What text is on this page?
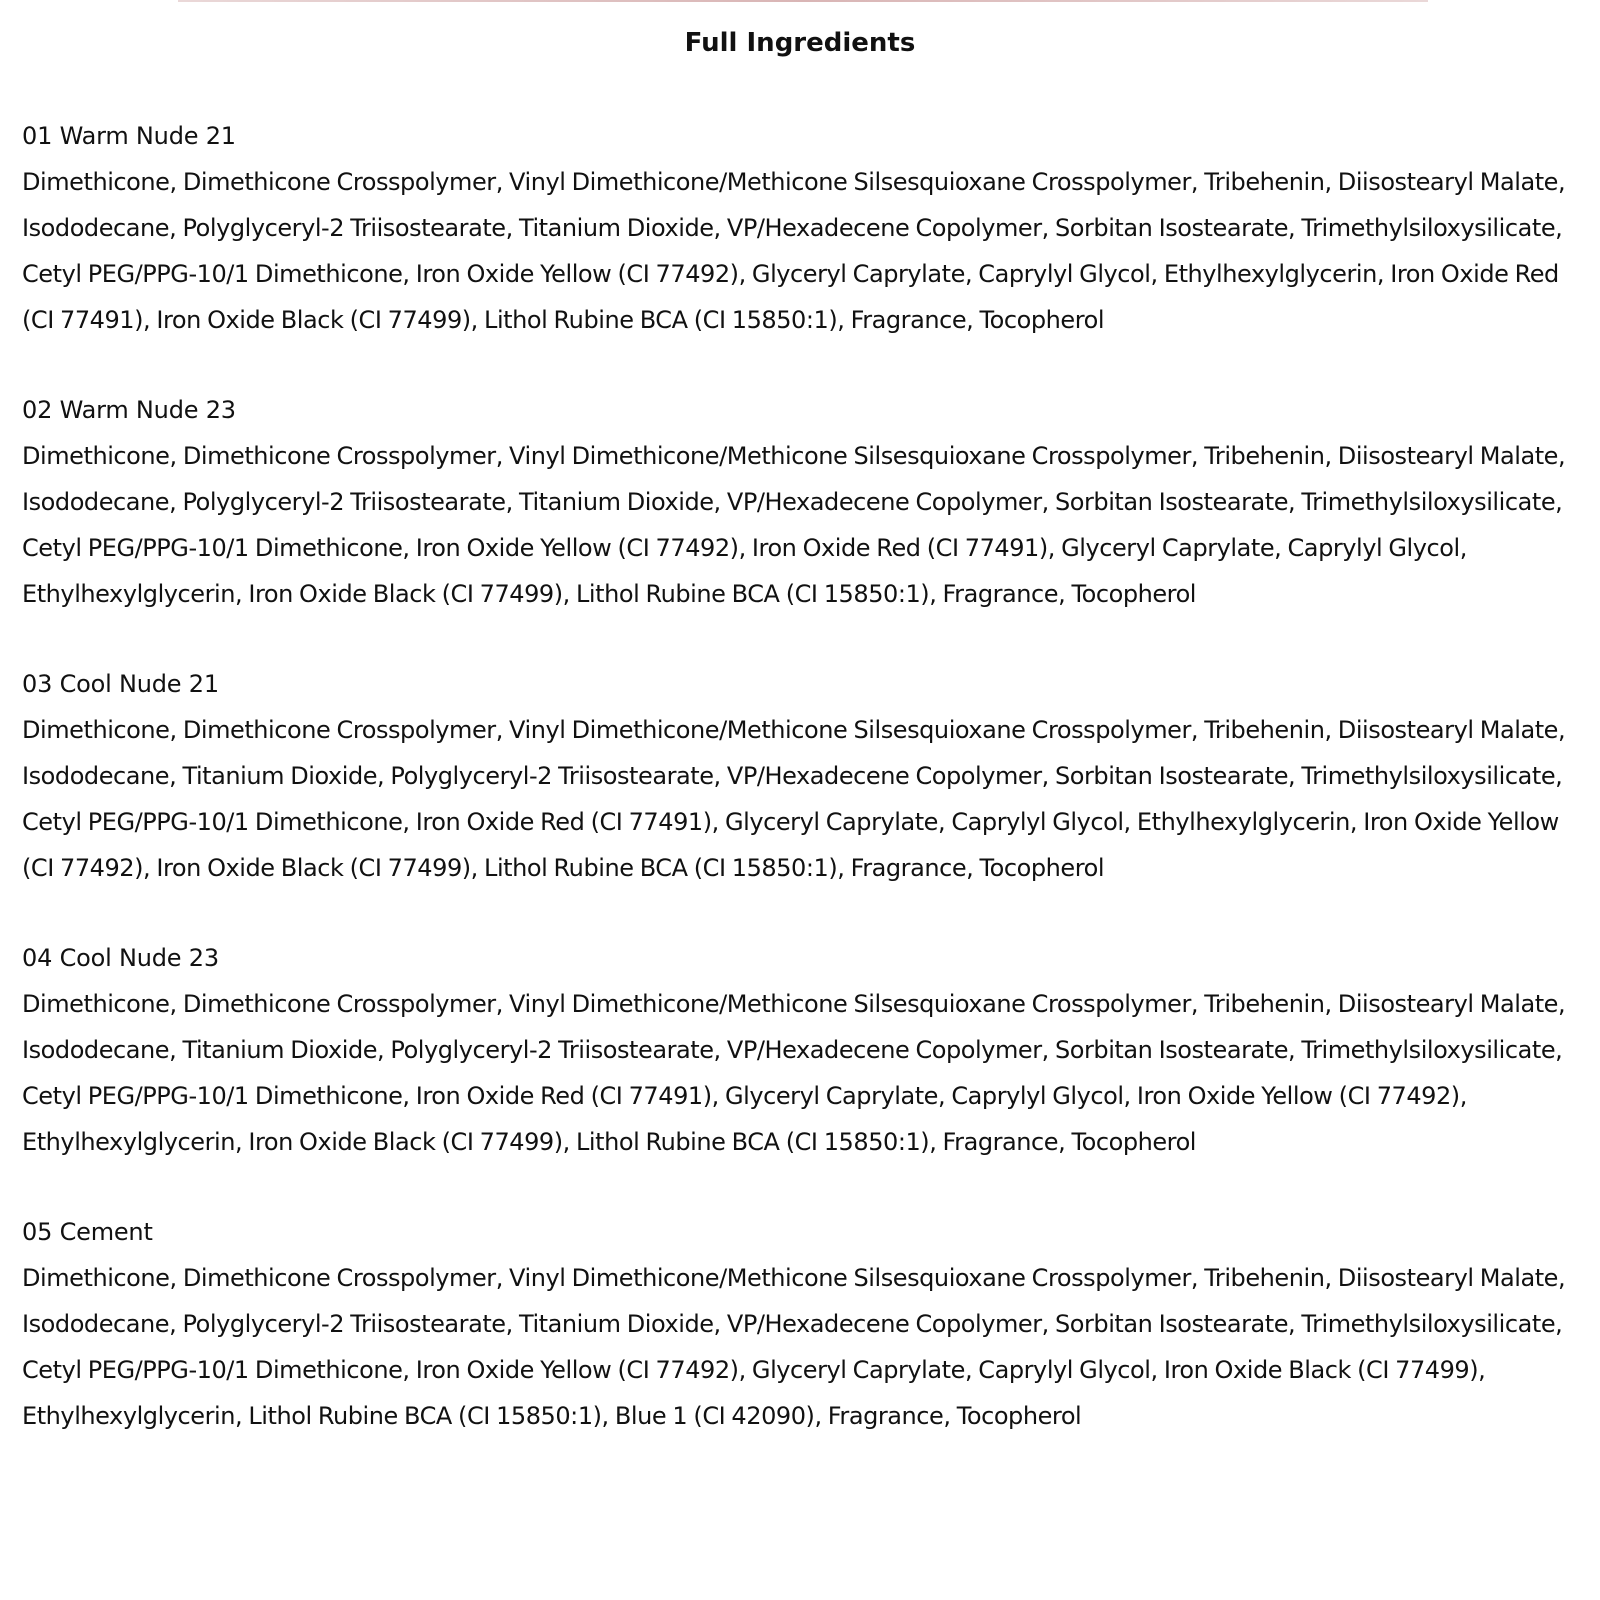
Full Ingredients

01 Warm Nude 21

Dimethicone, Dimethicone Crosspolymer, Vinyl Dimethicone/Methicone Silsesquioxane Crosspolymer, Tribehenin, Diisostearyl Malate, Isododecane, Polyglyceryl-2 Triisostearate, Titanium Dioxide, VP/Hexadecene Copolymer, Sorbitan Isostearate, Trimethylsiloxysilicate, Cetyl PEG/PPG-10/1 Dimethicone, Iron Oxide Yellow (CI 77492), Glyceryl Caprylate, Caprylyl Glycol, Ethylhexylglycerin, Iron Oxide Red (CI 77491), Iron Oxide Black (CI 77499), Lithol Rubine BCA (CI 15850:1), Fragrance, Tocopherol

02 Warm Nude 23

Dimethicone, Dimethicone Crosspolymer, Vinyl Dimethicone/Methicone Silsesquioxane Crosspolymer, Tribehenin, Diisostearyl Malate, Isododecane, Polyglyceryl-2 Triisostearate, Titanium Dioxide, VP/Hexadecene Copolymer, Sorbitan Isostearate, Trimethylsiloxysilicate, Cetyl PEG/PPG-10/1 Dimethicone, Iron Oxide Yellow (CI 77492), Iron Oxide Red (CI 77491), Glyceryl Caprylate, Caprylyl Glycol, Ethylhexylglycerin, Iron Oxide Black (CI 77499), Lithol Rubine BCA (CI 15850:1), Fragrance, Tocopherol

03 Cool Nude 21

Dimethicone, Dimethicone Crosspolymer, Vinyl Dimethicone/Methicone Silsesquioxane Crosspolymer, Tribehenin, Diisostearyl Malate, Isododecane, Titanium Dioxide, Polyglyceryl-2 Triisostearate, VP/Hexadecene Copolymer, Sorbitan Isostearate, Trimethylsiloxysilicate, Cetyl PEG/PPG-10/1 Dimethicone, Iron Oxide Red (CI 77491), Glyceryl Caprylate, Caprylyl Glycol, Ethylhexylglycerin, Iron Oxide Yellow (CI 77492), Iron Oxide Black (CI 77499), Lithol Rubine BCA (CI 15850:1), Fragrance, Tocopherol

04 Cool Nude 23

Dimethicone, Dimethicone Crosspolymer, Vinyl Dimethicone/Methicone Silsesquioxane Crosspolymer, Tribehenin, Diisostearyl Malate, Isododecane, Titanium Dioxide, Polyglyceryl-2 Triisostearate, VP/Hexadecene Copolymer, Sorbitan Isostearate, Trimethylsiloxysilicate, Cetyl PEG/PPG-10/1 Dimethicone, Iron Oxide Red (CI 77491), Glyceryl Caprylate, Caprylyl Glycol, Iron Oxide Yellow (CI 77492), Ethylhexylglycerin, Iron Oxide Black (CI 77499), Lithol Rubine BCA (CI 15850:1), Fragrance, Tocopherol

05 Cement

Dimethicone, Dimethicone Crosspolymer, Vinyl Dimethicone/Methicone Silsesquioxane Crosspolymer, Tribehenin, Diisostearyl Malate, Isododecane, Polyglyceryl-2 Triisostearate, Titanium Dioxide, VP/Hexadecene Copolymer, Sorbitan Isostearate, Trimethylsiloxysilicate, Cetyl PEG/PPG-10/1 Dimethicone, Iron Oxide Yellow (CI 77492), Glyceryl Caprylate, Caprylyl Glycol, Iron Oxide Black (CI 77499), Ethylhexylglycerin, Lithol Rubine BCA (CI 15850:1), Blue 1 (CI 42090), Fragrance, Tocopherol
